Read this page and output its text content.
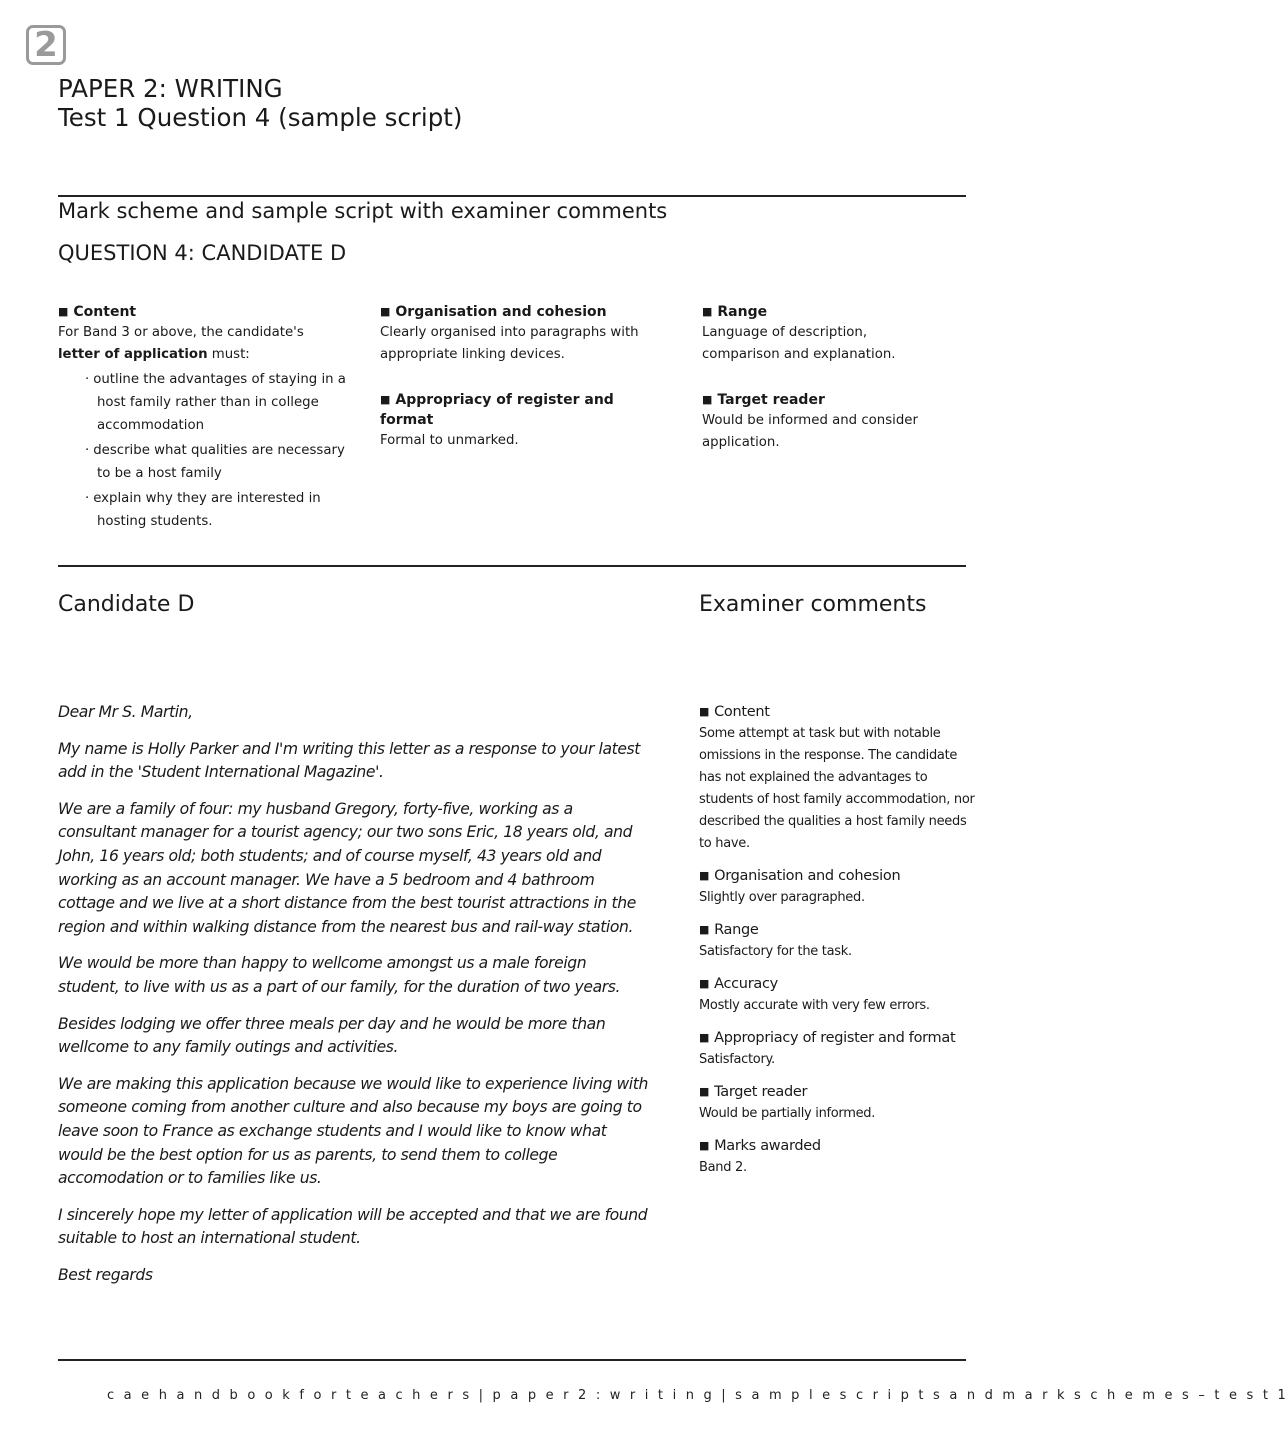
2
PAPER 2: WRITING
Test 1 Question 4 (sample script)
Mark scheme and sample script with examiner comments
QUESTION 4: CANDIDATE D
■ Content

For Band 3 or above, the candidate's
letter of application must:

· outline the advantages of staying in a host family rather than in college accommodation
· describe what qualities are necessary to be a host family
· explain why they are interested in hosting students.
■ Organisation and cohesion

Clearly organised into paragraphs with appropriate linking devices.

■ Appropriacy of register and format

Formal to unmarked.

■ Range

Language of description, comparison and explanation.

■ Target reader

Would be informed and consider application.

Candidate D	Examiner comments

Dear Mr S. Martin,

My name is Holly Parker and I'm writing this letter as a response to your latest add in the 'Student International Magazine'.

We are a family of four: my husband Gregory, forty-five, working as a consultant manager for a tourist agency; our two sons Eric, 18 years old, and John, 16 years old; both students; and of course myself, 43 years old and working as an account manager. We have a 5 bedroom and 4 bathroom cottage and we live at a short distance from the best tourist attractions in the region and within walking distance from the nearest bus and rail-way station.

We would be more than happy to wellcome amongst us a male foreign student, to live with us as a part of our family, for the duration of two years.

Besides lodging we offer three meals per day and he would be more than wellcome to any family outings and activities.

We are making this application because we would like to experience living with someone coming from another culture and also because my boys are going to leave soon to France as exchange students and I would like to know what would be the best option for us as parents, to send them to college accomodation or to families like us.

I sincerely hope my letter of application will be accepted and that we are found suitable to host an international student.

Best regards

■ Content
Some attempt at task but with notable omissions in the response. The candidate has not explained the advantages to students of host family accommodation, nor described the qualities a host family needs to have.
■ Organisation and cohesion
Slightly over paragraphed.
■ Range
Satisfactory for the task.
■ Accuracy
Mostly accurate with very few errors.
■ Appropriacy of register and format
Satisfactory.
■ Target reader
Would be partially informed.
■ Marks awarded
Band 2.
c a e h a n d b o o k f o r t e a c h e r s | p a p e r 2 : w r i t i n g | s a m p l e s c r i p t s a n d m a r k s c h e m e s – t e s t 1
